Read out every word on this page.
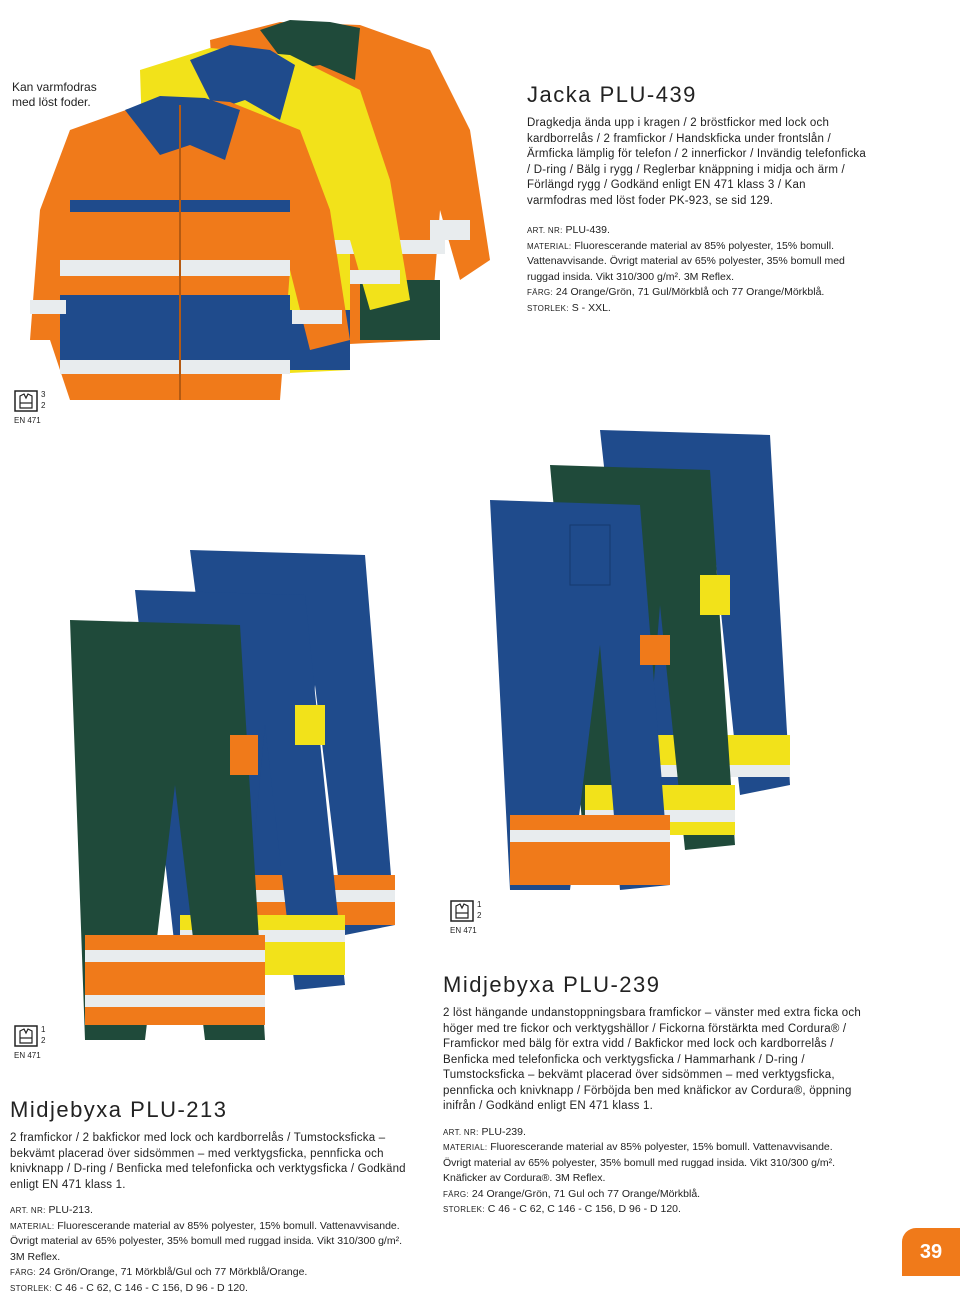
Kan varmfodras med löst foder.	Jacka PLU-439
Dragkedja ända upp i kragen / 2 bröstfickor med lock och kardborrelås / 2 framfickor / Handskficka under frontslån / Ärmficka lämplig för telefon / 2 innerfickor / Invändig telefonficka / D-ring / Bälg i rygg / Reglerbar knäppning i midja och ärm / Förlängd rygg / Godkänd enligt EN 471 klass 3 / Kan varmfodras med löst foder PK-923, se sid 129.
ART. NR: PLU-439.
MATERIAL: Fluorescerande material av 85% polyester, 15% bomull. Vattenavvisande. Övrigt material av 65% polyester, 35% bomull med ruggad insida. Vikt 310/300 g/m². 3M Reflex.
FÄRG: 24 Orange/Grön, 71 Gul/Mörkblå och 77 Orange/Mörkblå.
STORLEK: S - XXL.
3
2
EN 471
1
2
EN 471
Midjebyxa PLU-239
2 löst hängande undanstoppningsbara framfickor – vänster med extra ficka och höger med tre fickor och verktygshällor / Fickorna förstärkta med Cordura® / Framfickor med bälg för extra vidd / Bakfickor med lock och kardborrelås / Benficka med telefonficka och verktygsficka / Hammarhank / D-ring / Tumstocksficka – bekvämt placerad över sidsömmen – med verktygsficka, pennficka och knivknapp / Förböjda ben med knäfickor av Cordura®, öppning inifrån / Godkänd enligt EN 471 klass 1.
ART. NR: PLU-239.
MATERIAL: Fluorescerande material av 85% polyester, 15% bomull. Vattenavvisande. Övrigt material av 65% polyester, 35% bomull med ruggad insida. Vikt 310/300 g/m². Knäficker av Cordura®. 3M Reflex.
FÄRG: 24 Orange/Grön, 71 Gul och 77 Orange/Mörkblå.
STORLEK: C 46 - C 62, C 146 - C 156, D 96 - D 120.
1
2
EN 471
Midjebyxa PLU-213
2 framfickor / 2 bakfickor med lock och kardborrelås / Tumstocksficka – bekvämt placerad över sidsömmen – med verktygsficka, pennficka och knivknapp / D-ring / Benficka med telefonficka och verktygsficka / Godkänd enligt EN 471 klass 1.
ART. NR: PLU-213.
MATERIAL: Fluorescerande material av 85% polyester, 15% bomull. Vattenavvisande. Övrigt material av 65% polyester, 35% bomull med ruggad insida. Vikt 310/300 g/m². 3M Reflex.
FÄRG: 24 Grön/Orange, 71 Mörkblå/Gul och 77 Mörkblå/Orange.
STORLEK: C 46 - C 62, C 146 - C 156, D 96 - D 120.
39
